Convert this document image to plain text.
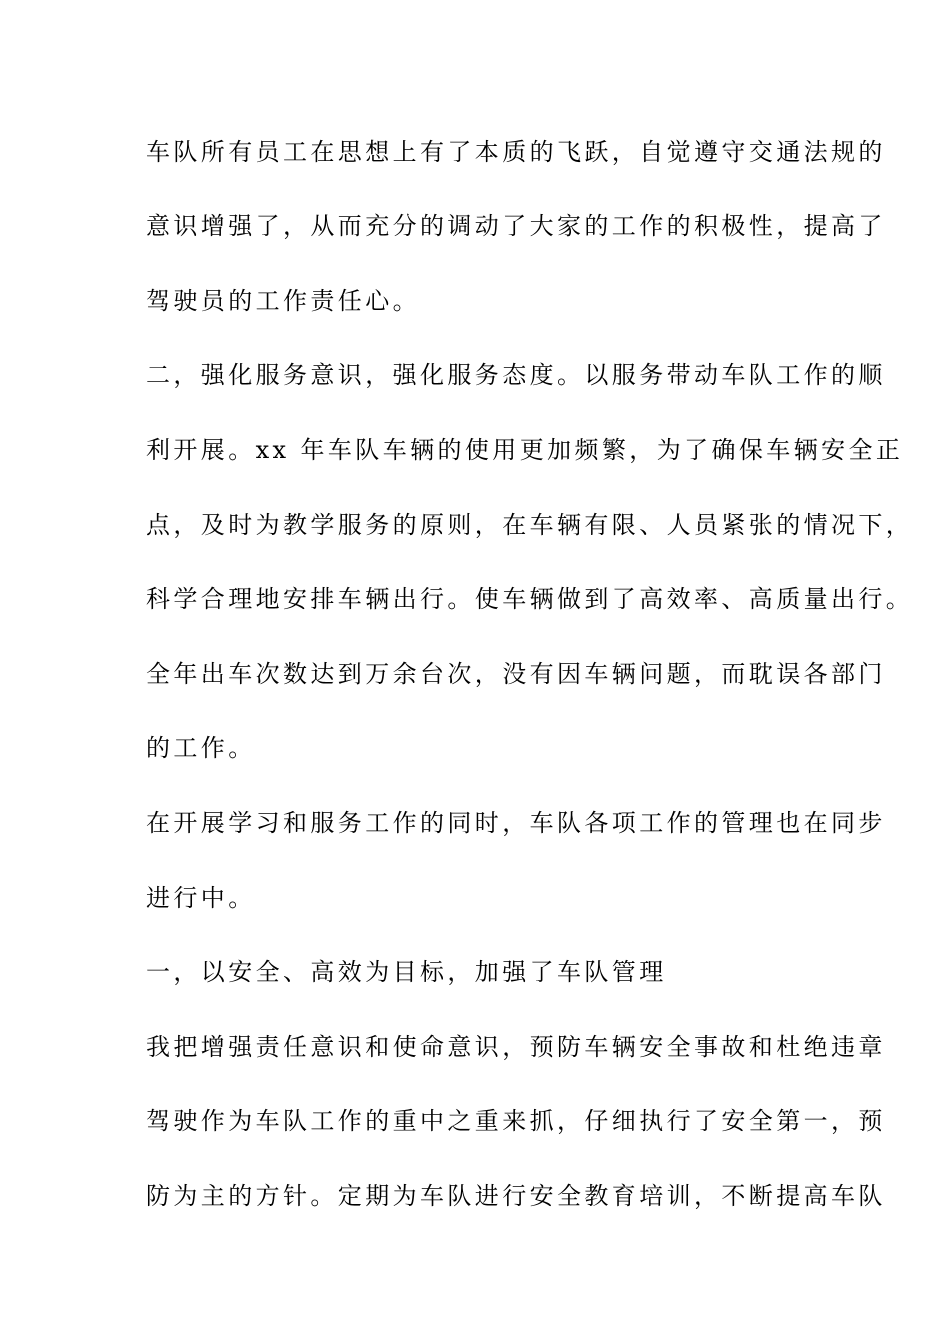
车队所有员工在思想上有了本质的飞跃，自觉遵守交通法规的
意识增强了，从而充分的调动了大家的工作的积极性，提高了
驾驶员的工作责任心。
二，强化服务意识，强化服务态度。以服务带动车队工作的顺
利开展。xx 年车队车辆的使用更加频繁，为了确保车辆安全正
点，及时为教学服务的原则，在车辆有限、人员紧张的情况下，
科学合理地安排车辆出行。使车辆做到了高效率、高质量出行。
全年出车次数达到万余台次，没有因车辆问题，而耽误各部门
的工作。
在开展学习和服务工作的同时，车队各项工作的管理也在同步
进行中。
一，以安全、高效为目标，加强了车队管理
我把增强责任意识和使命意识，预防车辆安全事故和杜绝违章
驾驶作为车队工作的重中之重来抓，仔细执行了安全第一，预
防为主的方针。定期为车队进行安全教育培训，不断提高车队
